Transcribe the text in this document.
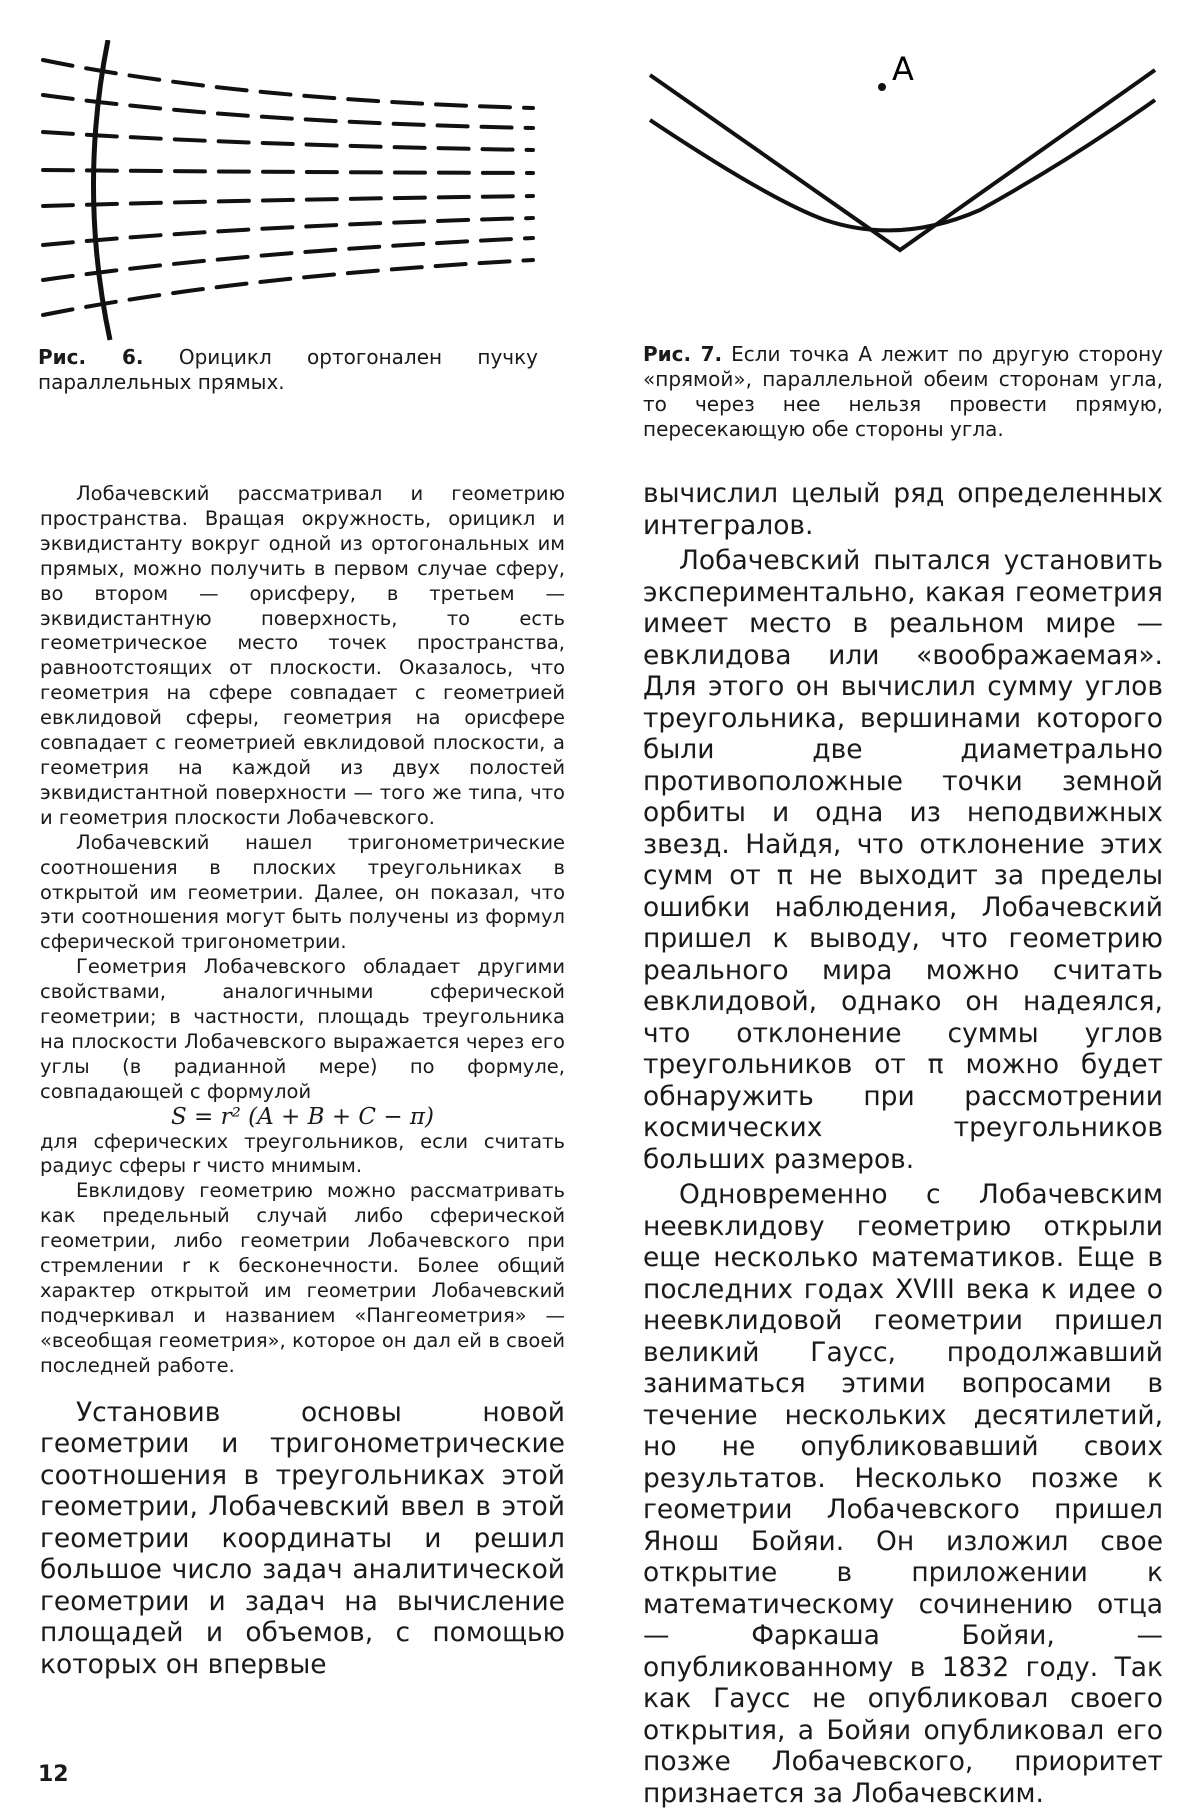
Рис. 6. Орицикл ортогонален пучку параллельных прямых.
A
Рис. 7. Если точка A лежит по другую сторону «прямой», параллельной обеим сторонам угла, то через нее нельзя провести прямую, пересекающую обе стороны угла.

Лобачевский рассматривал и геометрию пространства. Вращая окружность, орицикл и эквидистанту вокруг одной из ортогональных им прямых, можно получить в первом случае сферу, во втором — орисферу, в третьем — эквидистантную поверхность, то есть геометрическое место точек пространства, равноотстоящих от плоскости. Оказалось, что геометрия на сфере совпадает с геометрией евклидовой сферы, геометрия на орисфере совпадает с геометрией евклидовой плоскости, а геометрия на каждой из двух полостей эквидистантной поверхности — того же типа, что и геометрия плоскости Лобачевского.

Лобачевский нашел тригонометрические соотношения в плоских треугольниках в открытой им геометрии. Далее, он показал, что эти соотношения могут быть получены из формул сферической тригонометрии.

Геометрия Лобачевского обладает другими свойствами, аналогичными сферической геометрии; в частности, площадь треугольника на плоскости Лобачевского выражается через его углы (в радианной мере) по формуле, совпадающей с формулой

S = r² (A + B + C − π)

для сферических треугольников, если считать радиус сферы r чисто мнимым.

Евклидову геометрию можно рассматривать как предельный случай либо сферической геометрии, либо геометрии Лобачевского при стремлении r к бесконечности. Более общий характер открытой им геометрии Лобачевский подчеркивал и названием «Пангеометрия» — «всеобщая геометрия», которое он дал ей в своей последней работе.

Установив основы новой геометрии и тригонометрические соотношения в треугольниках этой геометрии, Лобачевский ввел в этой геометрии координаты и решил большое число задач аналитической геометрии и задач на вычисление площадей и объемов, с помощью которых он впервые

вычислил целый ряд определенных интегралов.

Лобачевский пытался установить экспериментально, какая геометрия имеет место в реальном мире — евклидова или «воображаемая». Для этого он вычислил сумму углов треугольника, вершинами которого были две диаметрально противоположные точки земной орбиты и одна из неподвижных звезд. Найдя, что отклонение этих сумм от π не выходит за пределы ошибки наблюдения, Лобачевский пришел к выводу, что геометрию реального мира можно считать евклидовой, однако он надеялся, что отклонение суммы углов треугольников от π можно будет обнаружить при рассмотрении космических треугольников больших размеров.

Одновременно с Лобачевским неевклидову геометрию открыли еще несколько математиков. Еще в последних годах XVIII века к идее о неевклидовой геометрии пришел великий Гаусс, продолжавший заниматься этими вопросами в течение нескольких десятилетий, но не опубликовавший своих результатов. Несколько позже к геометрии Лобачевского пришел Янош Бойяи. Он изложил свое открытие в приложении к математическому сочинению отца — Фаркаша Бойяи, — опубликованному в 1832 году. Так как Гаусс не опубликовал своего открытия, а Бойяи опубликовал его позже Лобачевского, приоритет признается за Лобачевским.

12
